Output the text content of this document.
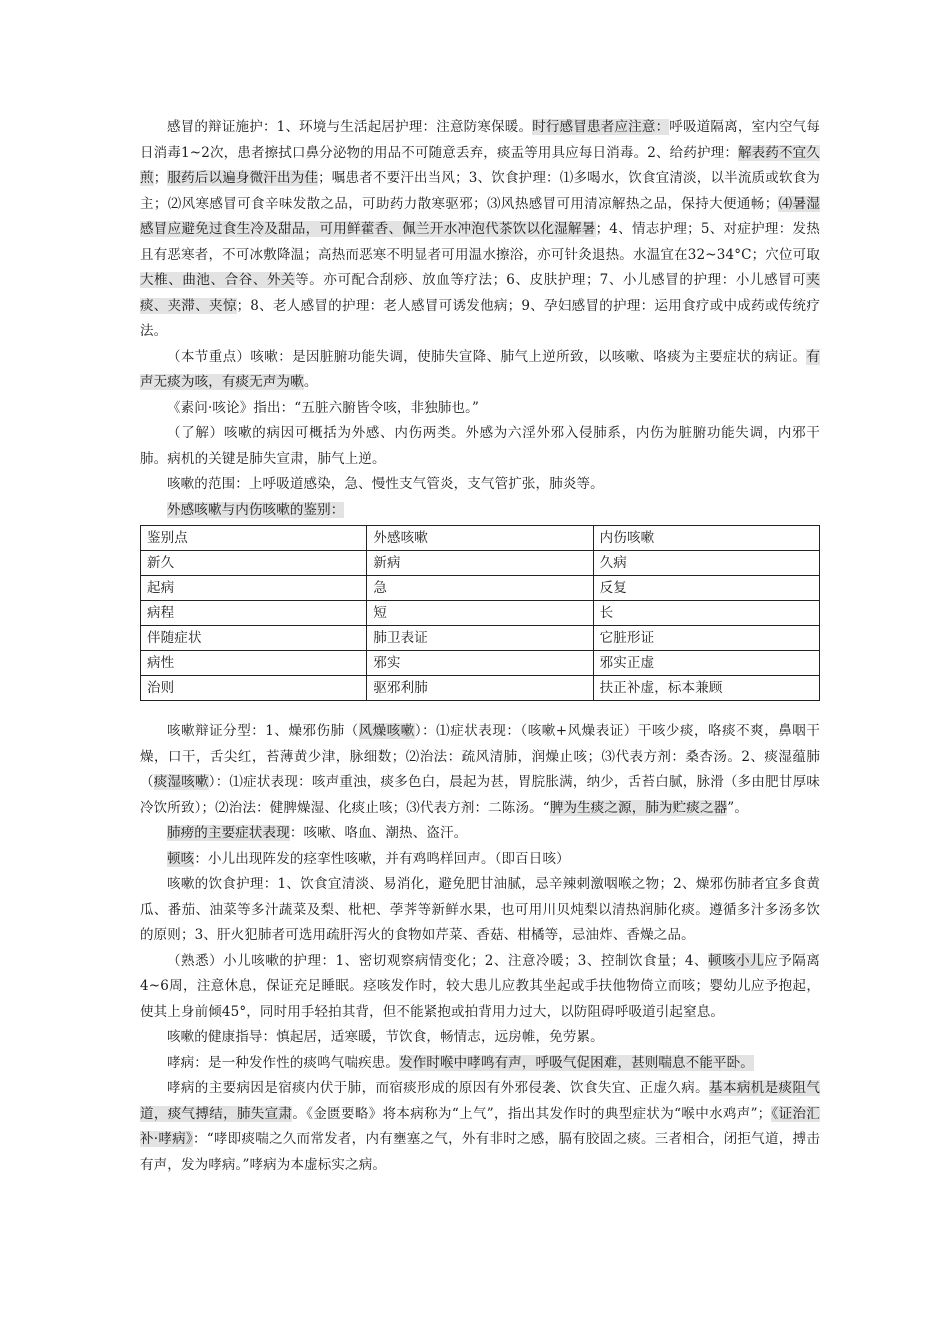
感冒的辩证施护：1、环境与生活起居护理：注意防寒保暖。时行感冒患者应注意：呼吸道隔离，室内空气每日消毒1~2次，患者擦拭口鼻分泌物的用品不可随意丢弃，痰盂等用具应每日消毒。2、给药护理：解表药不宜久煎；服药后以遍身微汗出为佳；嘱患者不要汗出当风；3、饮食护理：⑴多喝水，饮食宜清淡，以半流质或软食为主；⑵风寒感冒可食辛味发散之品，可助药力散寒驱邪；⑶风热感冒可用清凉解热之品，保持大便通畅；⑷暑湿感冒应避免过食生冷及甜品，可用鲜藿香、佩兰开水冲泡代茶饮以化湿解暑；4、情志护理；5、对症护理：发热且有恶寒者，不可冰敷降温；高热而恶寒不明显者可用温水擦浴，亦可针灸退热。水温宜在32~34°C；穴位可取大椎、曲池、合谷、外关等。亦可配合刮痧、放血等疗法；6、皮肤护理；7、小儿感冒的护理：小儿感冒可夹痰、夹滞、夹惊；8、老人感冒的护理：老人感冒可诱发他病；9、孕妇感冒的护理：运用食疗或中成药或传统疗法。

（本节重点）咳嗽：是因脏腑功能失调，使肺失宣降、肺气上逆所致，以咳嗽、咯痰为主要症状的病证。有声无痰为咳，有痰无声为嗽。

《素问·咳论》指出：“五脏六腑皆令咳，非独肺也。”

（了解）咳嗽的病因可概括为外感、内伤两类。外感为六淫外邪入侵肺系，内伤为脏腑功能失调，内邪干肺。病机的关键是肺失宣肃，肺气上逆。

咳嗽的范围：上呼吸道感染，急、慢性支气管炎，支气管扩张，肺炎等。

外感咳嗽与内伤咳嗽的鉴别：

鉴别点	外感咳嗽	内伤咳嗽
新久	新病	久病
起病	急	反复
病程	短	长
伴随症状	肺卫表证	它脏形证
病性	邪实	邪实正虚
治则	驱邪利肺	扶正补虚，标本兼顾

咳嗽辩证分型：1、燥邪伤肺（风燥咳嗽）：⑴症状表现：（咳嗽+风燥表证）干咳少痰，咯痰不爽，鼻咽干燥，口干，舌尖红，苔薄黄少津，脉细数；⑵治法：疏风清肺，润燥止咳；⑶代表方剂：桑杏汤。2、痰湿蕴肺（痰湿咳嗽）：⑴症状表现：咳声重浊，痰多色白，晨起为甚，胃脘胀满，纳少，舌苔白腻，脉滑（多由肥甘厚味冷饮所致）；⑵治法：健脾燥湿、化痰止咳；⑶代表方剂：二陈汤。“脾为生痰之源，肺为贮痰之器”。

肺痨的主要症状表现：咳嗽、咯血、潮热、盗汗。

顿咳：小儿出现阵发的痉挛性咳嗽，并有鸡鸣样回声。（即百日咳）

咳嗽的饮食护理：1、饮食宜清淡、易消化，避免肥甘油腻，忌辛辣刺激咽喉之物；2、燥邪伤肺者宜多食黄瓜、番茄、油菜等多汁蔬菜及梨、枇杷、荸荠等新鲜水果，也可用川贝炖梨以清热润肺化痰。遵循多汁多汤多饮的原则；3、肝火犯肺者可选用疏肝泻火的食物如芹菜、香菇、柑橘等，忌油炸、香燥之品。

（熟悉）小儿咳嗽的护理：1、密切观察病情变化；2、注意冷暖；3、控制饮食量；4、顿咳小儿应予隔离4~6周，注意休息，保证充足睡眠。痉咳发作时，较大患儿应教其坐起或手扶他物倚立而咳；婴幼儿应予抱起，使其上身前倾45°，同时用手轻拍其背，但不能紧抱或拍背用力过大，以防阻碍呼吸道引起窒息。

咳嗽的健康指导：慎起居，适寒暖，节饮食，畅情志，远房帷，免劳累。

哮病：是一种发作性的痰鸣气喘疾患。发作时喉中哮鸣有声，呼吸气促困难，甚则喘息不能平卧。

哮病的主要病因是宿痰内伏于肺，而宿痰形成的原因有外邪侵袭、饮食失宜、正虚久病。基本病机是痰阻气道，痰气搏结，肺失宣肃。《金匮要略》将本病称为“上气”，指出其发作时的典型症状为“喉中水鸡声”；《证治汇补·哮病》：“哮即痰喘之久而常发者，内有壅塞之气，外有非时之感，膈有胶固之痰。三者相合，闭拒气道，搏击有声，发为哮病。”哮病为本虚标实之病。
